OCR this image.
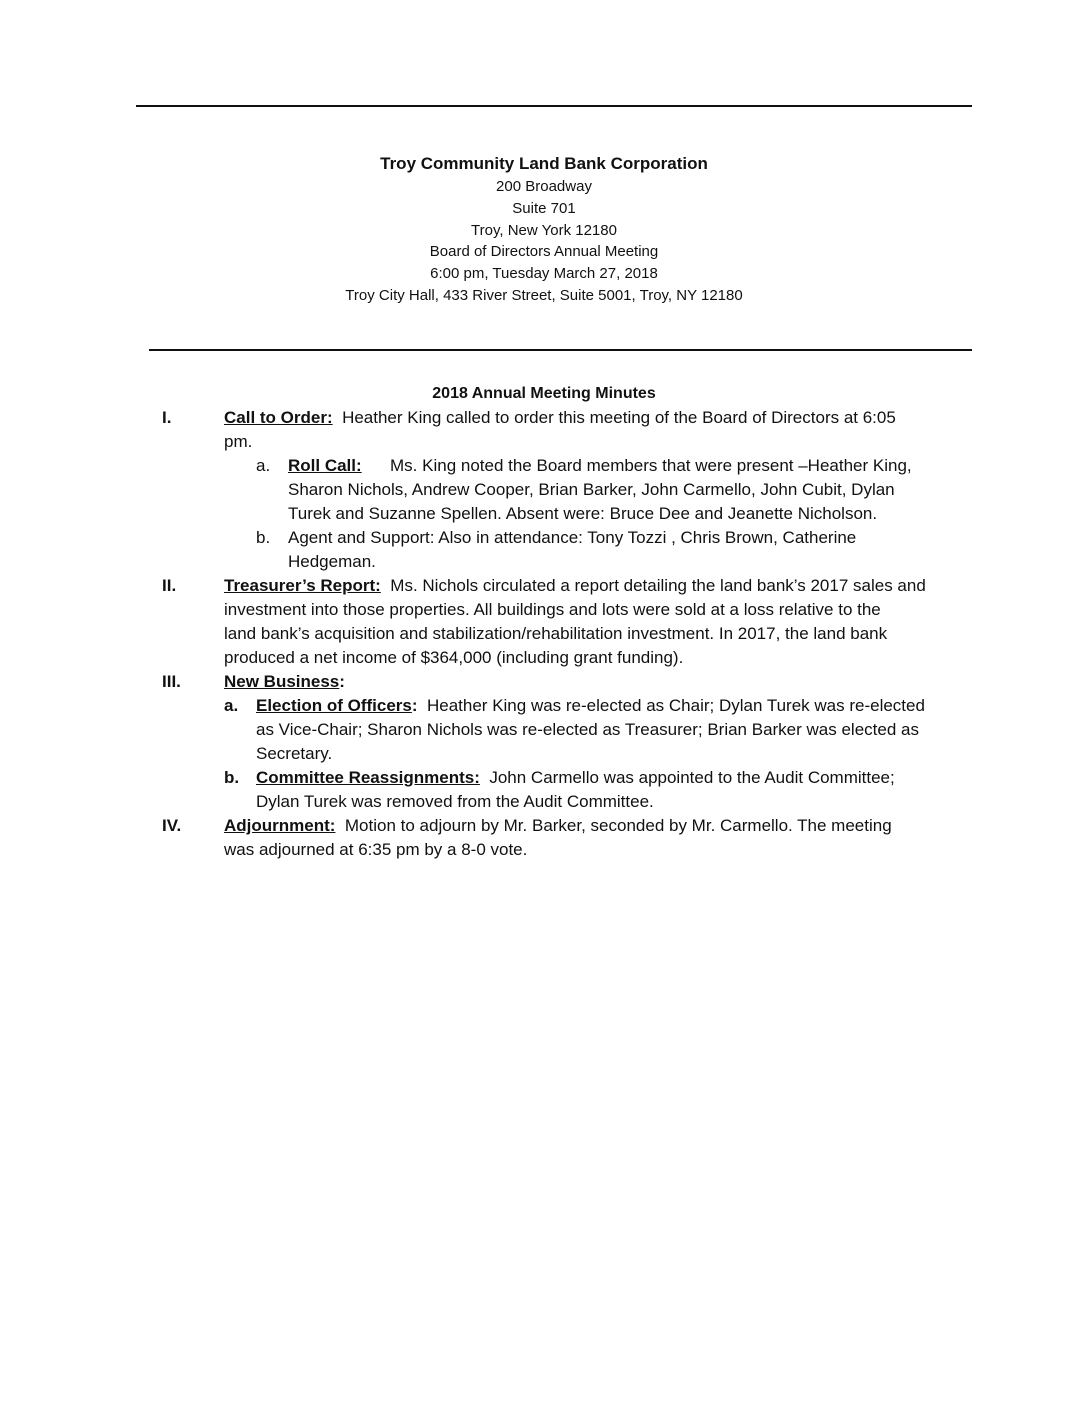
Troy Community Land Bank Corporation
200 Broadway
Suite 701
Troy, New York 12180
Board of Directors Annual Meeting
6:00 pm, Tuesday March 27, 2018
Troy City Hall, 433 River Street, Suite 5001, Troy, NY 12180
2018 Annual Meeting Minutes
I.	Call to Order:  Heather King called to order this meeting of the Board of Directors at 6:05
pm.
a. Roll Call:      Ms. King noted the Board members that were present –Heather King,
Sharon Nichols, Andrew Cooper, Brian Barker, John Carmello, John Cubit, Dylan
Turek and Suzanne Spellen. Absent were: Bruce Dee and Jeanette Nicholson.
b. Agent and Support: Also in attendance: Tony Tozzi , Chris Brown, Catherine
Hedgeman.
II.	Treasurer’s Report:  Ms. Nichols circulated a report detailing the land bank’s 2017 sales and
investment into those properties. All buildings and lots were sold at a loss relative to the
land bank’s acquisition and stabilization/rehabilitation investment. In 2017, the land bank
produced a net income of $364,000 (including grant funding).
III.	New Business:
a. Election of Officers:  Heather King was re-elected as Chair; Dylan Turek was re-elected
as Vice-Chair; Sharon Nichols was re-elected as Treasurer; Brian Barker was elected as
Secretary.
b. Committee Reassignments:  John Carmello was appointed to the Audit Committee;
Dylan Turek was removed from the Audit Committee.
IV.	Adjournment:  Motion to adjourn by Mr. Barker, seconded by Mr. Carmello. The meeting
was adjourned at 6:35 pm by a 8-0 vote.
